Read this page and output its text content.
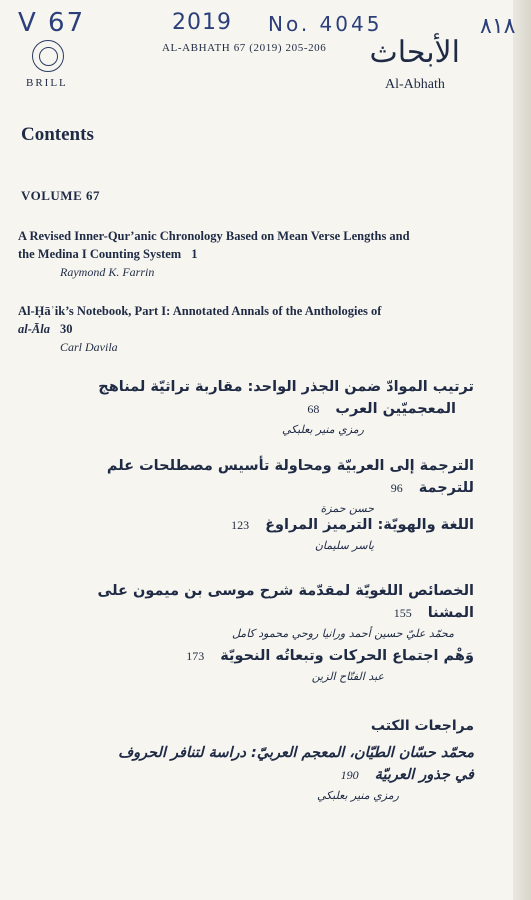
V 67	2019 No. 4045	٨١٨
BRILL
AL-ABHATH 67 (2019) 205-206 الأبحاث
Al-Abhath
Contents
VOLUME 67
A Revised Inner-Qur’anic Chronology Based on Mean Verse Lengths and
the Medina I Counting System 1
Raymond K. Farrin
Al-Ḥāʾik’s Notebook, Part I: Annotated Annals of the Anthologies of
al-Āla 30
Carl Davila
ترتيب الموادّ ضمن الجذر الواحد: مقاربة تراثيّة لمناهج
المعجميّين العرب68
رمزي منير بعلبكي
الترجمة إلى العربيّة ومحاولة تأسيس مصطلحات علم للترجمة96
حسن حمزة
اللغة والهويّة: الترميز المراوغ123
ياسر سليمان
الخصائص اللغويّة لمقدّمة شرح موسى بن ميمون على المشنا155
محمّد عليّ حسين أحمد ورانيا روحي محمود كامل
وَهْم اجتماع الحركات وتبعاتُه النحويّة173
عبد الفتّاح الزين
مراجعات الكتب
محمّد حسّان الطيّان، المعجم العربيّ: دراسة لتنافر الحروف
في جذور العربيّة190
رمزي منير بعلبكي
